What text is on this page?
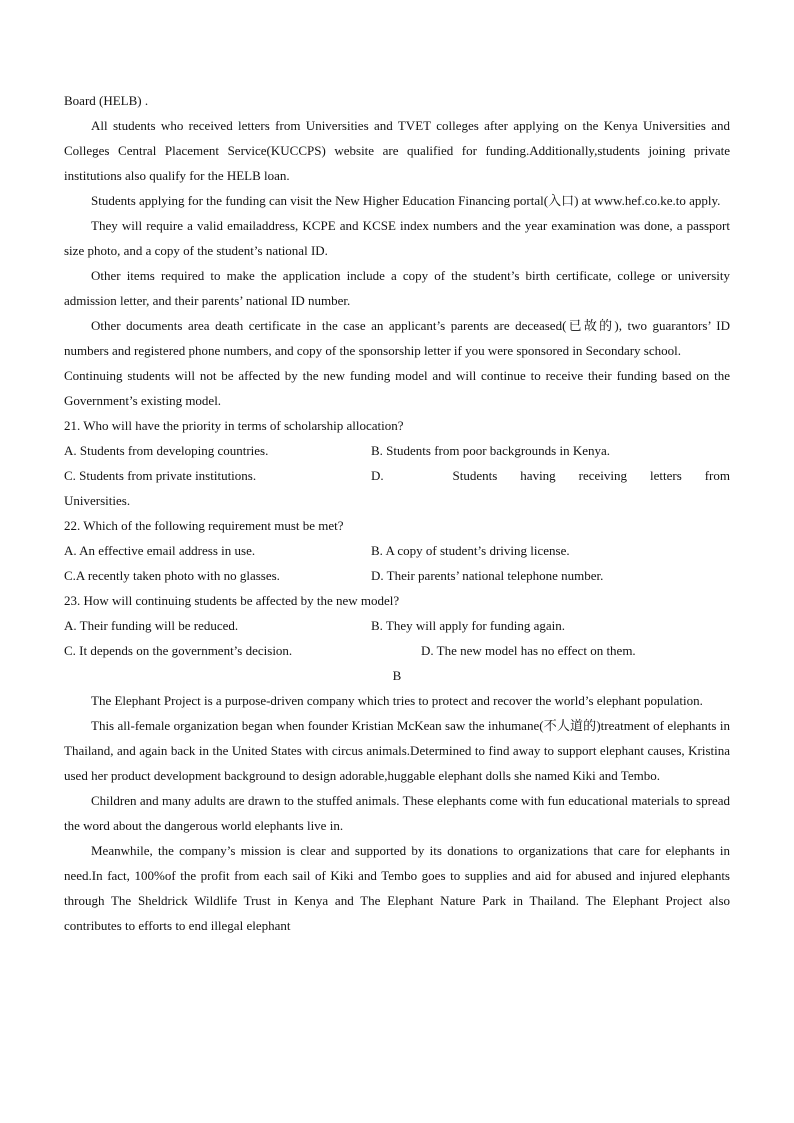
Board (HELB) .

All students who received letters from Universities and TVET colleges after applying on the Kenya Universities and Colleges Central Placement Service(KUCCPS) website are qualified for funding.Additionally,students joining private institutions also qualify for the HELB loan.

Students applying for the funding can visit the New Higher Education Financing portal(入口) at www.hef.co.ke.to apply.

They will require a valid emailaddress, KCPE and KCSE index numbers and the year examination was done, a passport size photo, and a copy of the student’s national ID.

Other items required to make the application include a copy of the student’s birth certificate, college or university admission letter, and their parents’ national ID number.

Other documents area death certificate in the case an applicant’s parents are deceased(已故的), two guarantors’ ID numbers and registered phone numbers, and copy of the sponsorship letter if you were sponsored in Secondary school.

Continuing students will not be affected by the new funding model and will continue to receive their funding based on the Government’s existing model.

21. Who will have the priority in terms of scholarship allocation?

A. Students from developing countries.	B. Students from poor backgrounds in Kenya.
C. Students from private institutions.	D.   Students having receiving letters from

Universities.

22. Which of the following requirement must be met?

A. An effective email address in use.	B. A copy of student’s driving license.
C.A recently taken photo with no glasses.	D. Their parents’ national telephone number.

23. How will continuing students be affected by the new model?

A. Their funding will be reduced.	B. They will apply for funding again.
C. It depends on the government’s decision.	D. The new model has no effect on them.

B

The Elephant Project is a purpose-driven company which tries to protect and recover the world’s elephant population.

This all-female organization began when founder Kristian McKean saw the inhumane(不人道的)treatment of elephants in Thailand, and again back in the United States with circus animals.Determined to find away to support elephant causes, Kristina used her product development background to design adorable,huggable elephant dolls she named Kiki and Tembo.

Children and many adults are drawn to the stuffed animals. These elephants come with fun educational materials to spread the word about the dangerous world elephants live in.

Meanwhile, the company’s mission is clear and supported by its donations to organizations that care for elephants in need.In fact, 100%of the profit from each sail of Kiki and Tembo goes to supplies and aid for abused and injured elephants through The Sheldrick Wildlife Trust in Kenya and The Elephant Nature Park in Thailand. The Elephant Project also contributes to efforts to end illegal elephant
